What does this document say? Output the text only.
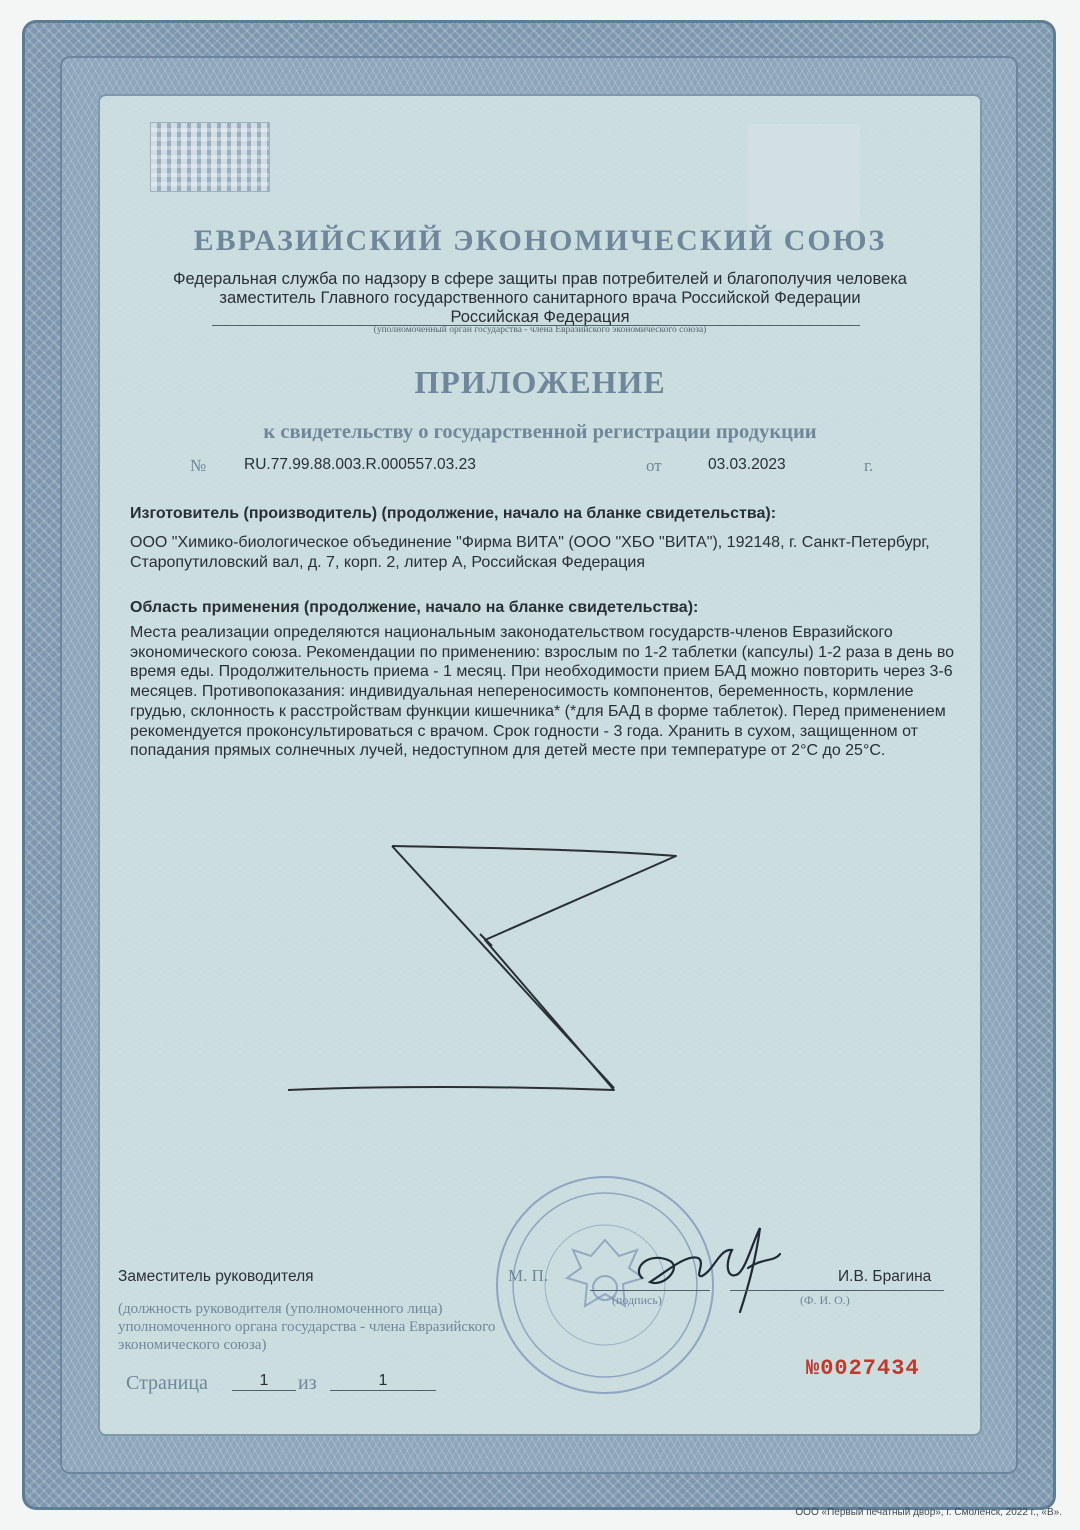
ЕВРАЗИЙСКИЙ ЭКОНОМИЧЕСКИЙ СОЮЗ
Федеральная служба по надзору в сфере защиты прав потребителей и благополучия человека
заместитель Главного государственного санитарного врача Российской Федерации
Российская Федерация
(уполномоченный орган государства - члена Евразийского экономического союза)
ПРИЛОЖЕНИЕ
к свидетельству о государственной регистрации продукции
№ RU.77.99.88.003.R.000557.03.23	от	03.03.2023	г.
Изготовитель (производитель) (продолжение, начало на бланке свидетельства):
ООО "Химико-биологическое объединение "Фирма ВИТА" (ООО "ХБО "ВИТА"), 192148, г. Санкт-Петербург, Старопутиловский вал, д. 7, корп. 2, литер А, Российская Федерация
Область применения (продолжение, начало на бланке свидетельства):
Места реализации определяются национальным законодательством государств-членов Евразийского экономического союза. Рекомендации по применению: взрослым по 1-2 таблетки (капсулы) 1-2 раза в день во время еды. Продолжительность приема - 1 месяц. При необходимости прием БАД можно повторить через 3-6 месяцев. Противопоказания: индивидуальная непереносимость компонентов, беременность, кормление грудью, склонность к расстройствам функции кишечника* (*для БАД в форме таблеток). Перед применением рекомендуется проконсультироваться с врачом. Срок годности - 3 года. Хранить в сухом, защищенном от попадания прямых солнечных лучей, недоступном для детей месте при температуре от 2°С до 25°С.
Заместитель руководителя
(должность руководителя (уполномоченного лица) уполномоченного органа государства - члена Евразийского экономического союза)
М. П.
(подпись)
И.В. Брагина
(Ф. И. О.)
Страница	1	из	1	№0027434
ООО «Первый печатный двор», г. Смоленск, 2022 г., «В».
